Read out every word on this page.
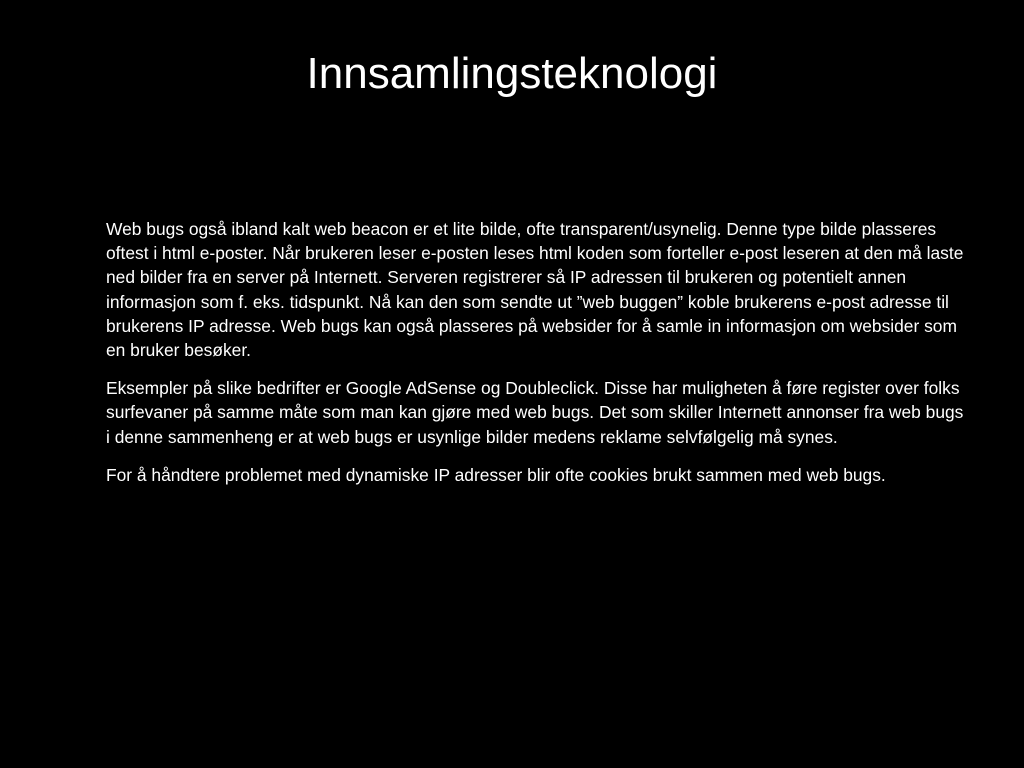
Innsamlingsteknologi

Web bugs også ibland kalt web beacon er et lite bilde, ofte transparent/usynelig. Denne type bilde plasseres oftest i html e-poster. Når brukeren leser e-posten leses html koden som forteller e-post leseren at den må laste ned bilder fra en server på Internett. Serveren registrerer så IP adressen til brukeren og potentielt annen informasjon som f. eks. tidspunkt. Nå kan den som sendte ut ”web buggen” koble brukerens e-post adresse til brukerens IP adresse. Web bugs kan også plasseres på websider for å samle in informasjon om websider som en bruker besøker.

Eksempler på slike bedrifter er Google AdSense og Doubleclick. Disse har muligheten å føre register over folks surfevaner på samme måte som man kan gjøre med web bugs. Det som skiller Internett annonser fra web bugs i denne sammenheng er at web bugs er usynlige bilder medens reklame selvfølgelig må synes.

For å håndtere problemet med dynamiske IP adresser blir ofte cookies brukt sammen med web bugs.
